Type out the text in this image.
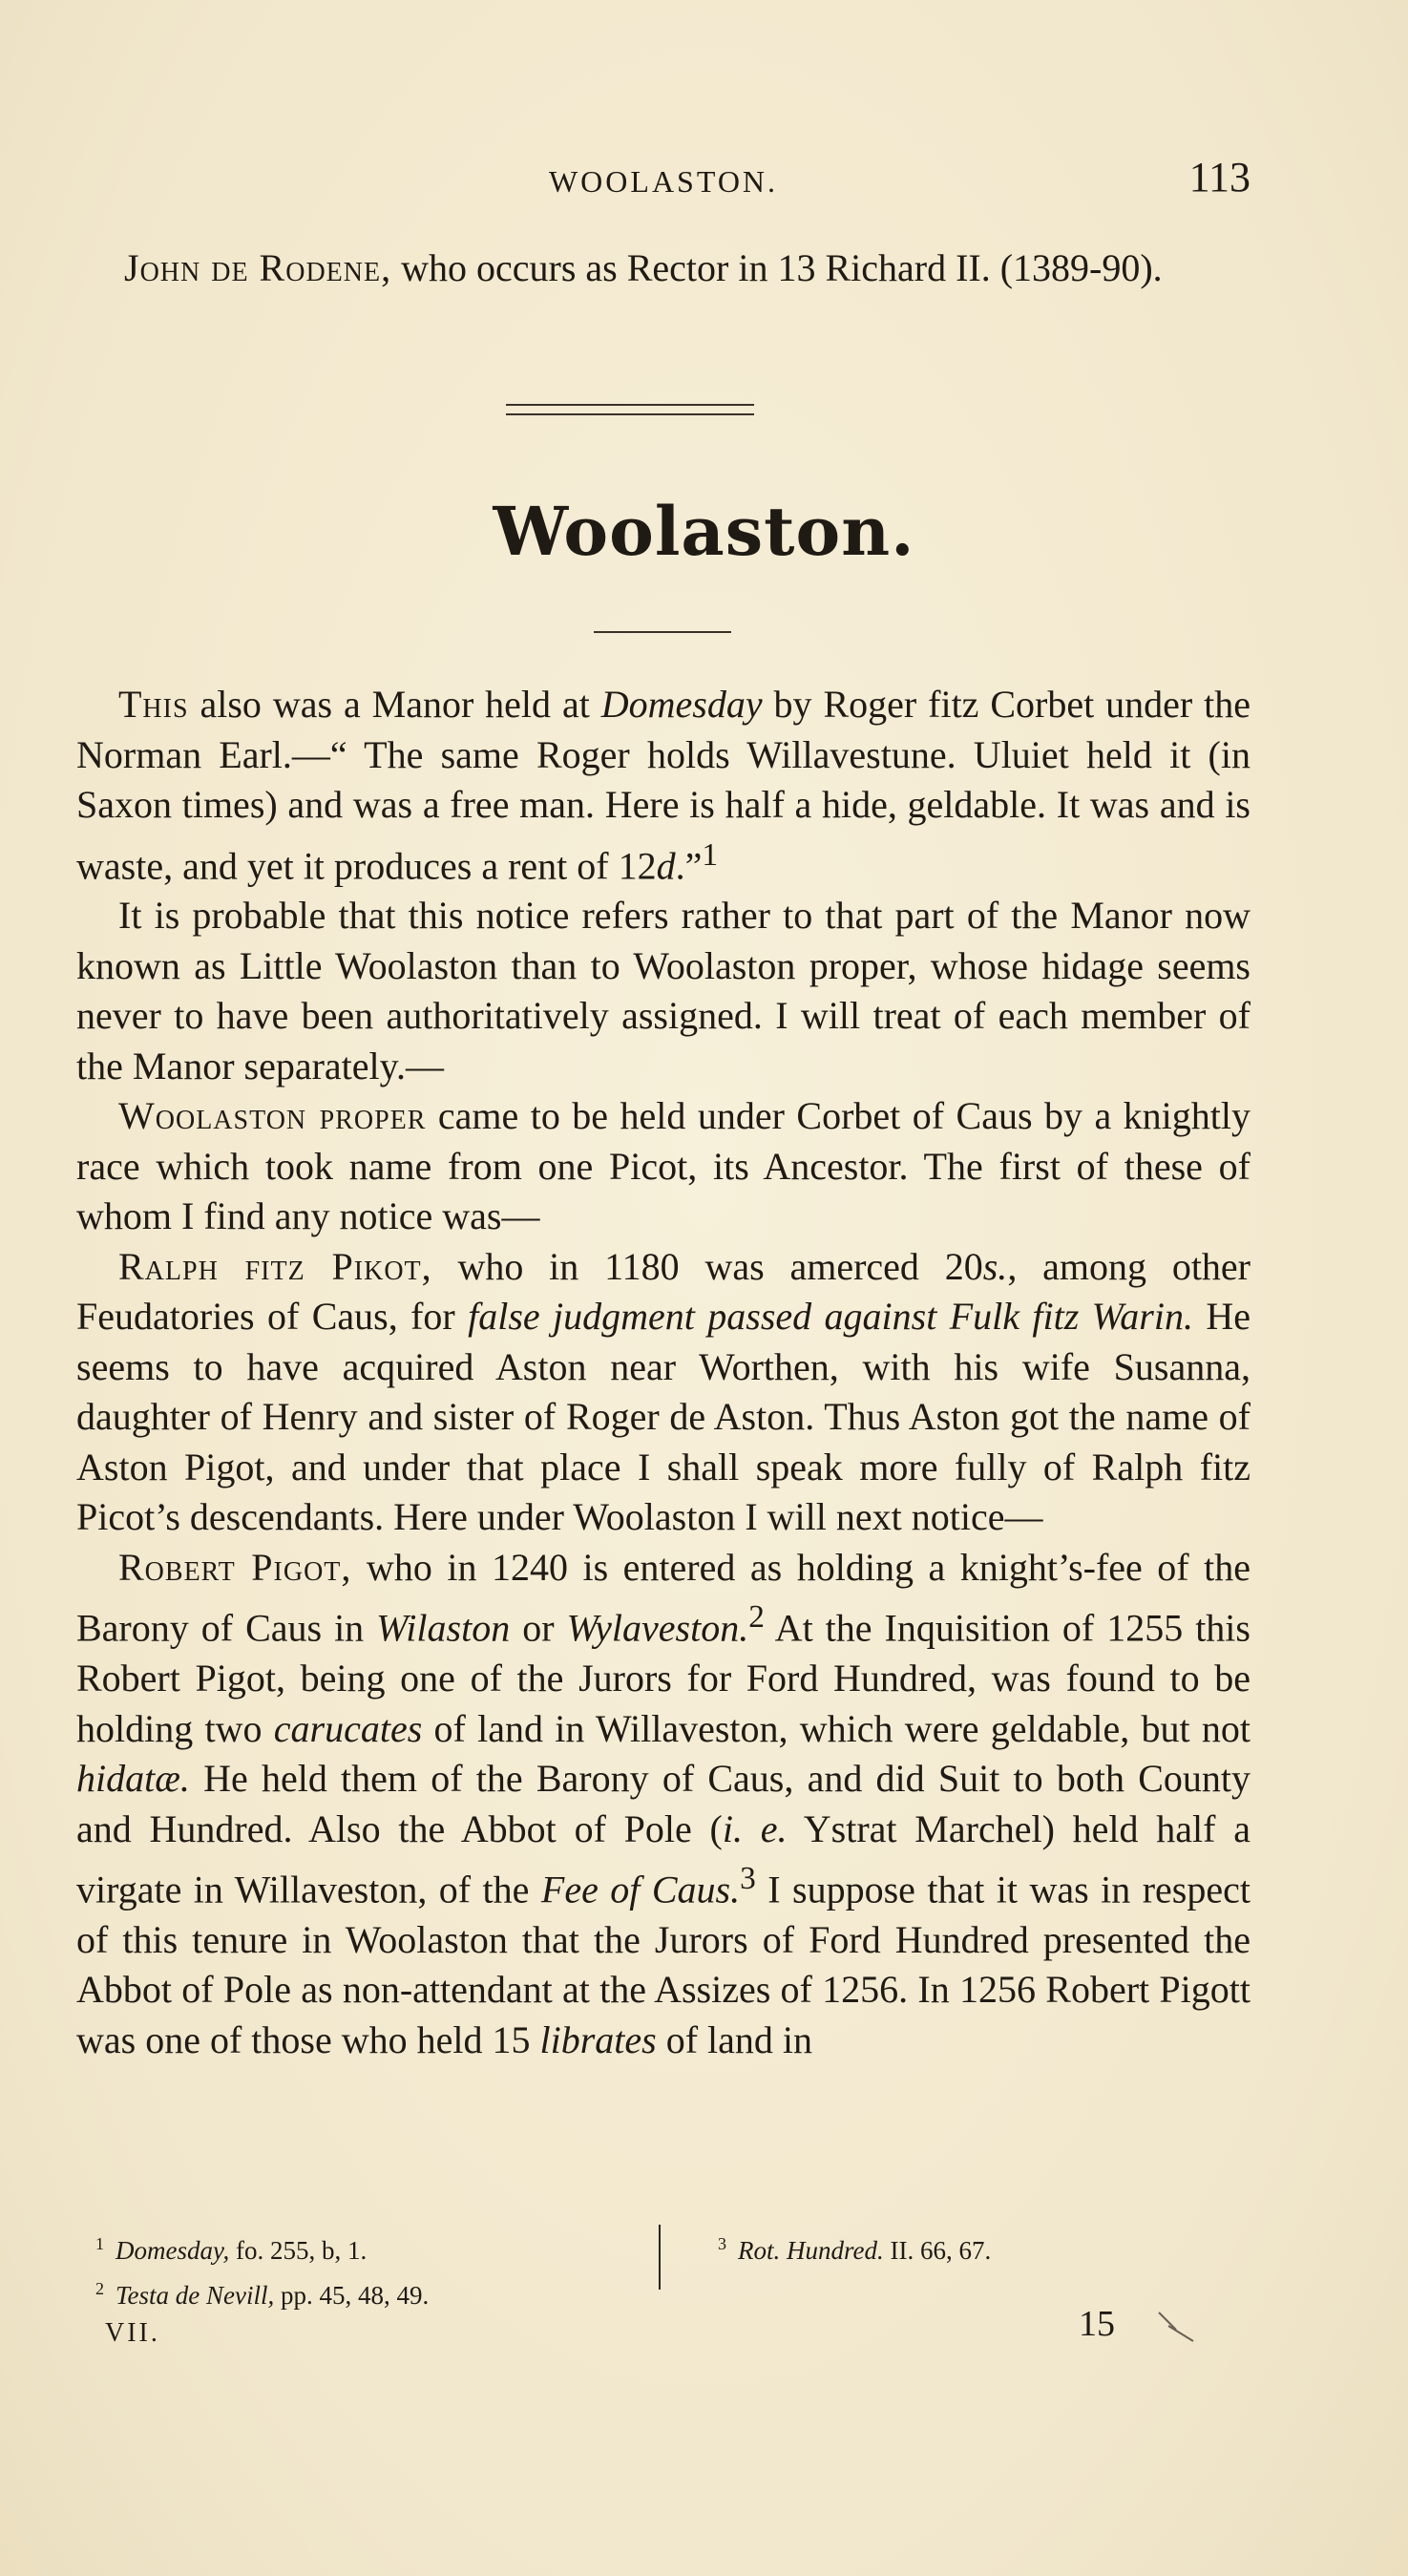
WOOLASTON.	113

John de Rodene, who occurs as Rector in 13 Richard II. (1389-90).

Woolaston.

This also was a Manor held at Domesday by Roger fitz Corbet under the Norman Earl.—“ The same Roger holds Willavestune. Uluiet held it (in Saxon times) and was a free man. Here is half a hide, geldable. It was and is waste, and yet it produces a rent of 12d.”$^1$

It is probable that this notice refers rather to that part of the Manor now known as Little Woolaston than to Woolaston proper, whose hidage seems never to have been authoritatively assigned. I will treat of each member of the Manor separately.—

Woolaston proper came to be held under Corbet of Caus by a knightly race which took name from one Picot, its Ancestor. The first of these of whom I find any notice was—

Ralph fitz Pikot, who in 1180 was amerced 20s., among other Feudatories of Caus, for false judgment passed against Fulk fitz Warin. He seems to have acquired Aston near Worthen, with his wife Susanna, daughter of Henry and sister of Roger de Aston. Thus Aston got the name of Aston Pigot, and under that place I shall speak more fully of Ralph fitz Picot’s descendants. Here under Woolaston I will next notice—

Robert Pigot, who in 1240 is entered as holding a knight’s-fee of the Barony of Caus in Wilaston or Wylaveston.$^2$ At the Inquisition of 1255 this Robert Pigot, being one of the Jurors for Ford Hundred, was found to be holding two carucates of land in Willaveston, which were geldable, but not hidatæ. He held them of the Barony of Caus, and did Suit to both County and Hundred. Also the Abbot of Pole (i. e. Ystrat Marchel) held half a virgate in Willaveston, of the Fee of Caus.$^3$ I suppose that it was in respect of this tenure in Woolaston that the Jurors of Ford Hundred presented the Abbot of Pole as non-attendant at the Assizes of 1256. In 1256 Robert Pigott was one of those who held 15 librates of land in

$^1$ Domesday, fo. 255, b, 1.
$^2$ Testa de Nevill, pp. 45, 48, 49.
$^3$ Rot. Hundred. II. 66, 67.
VII.	15
